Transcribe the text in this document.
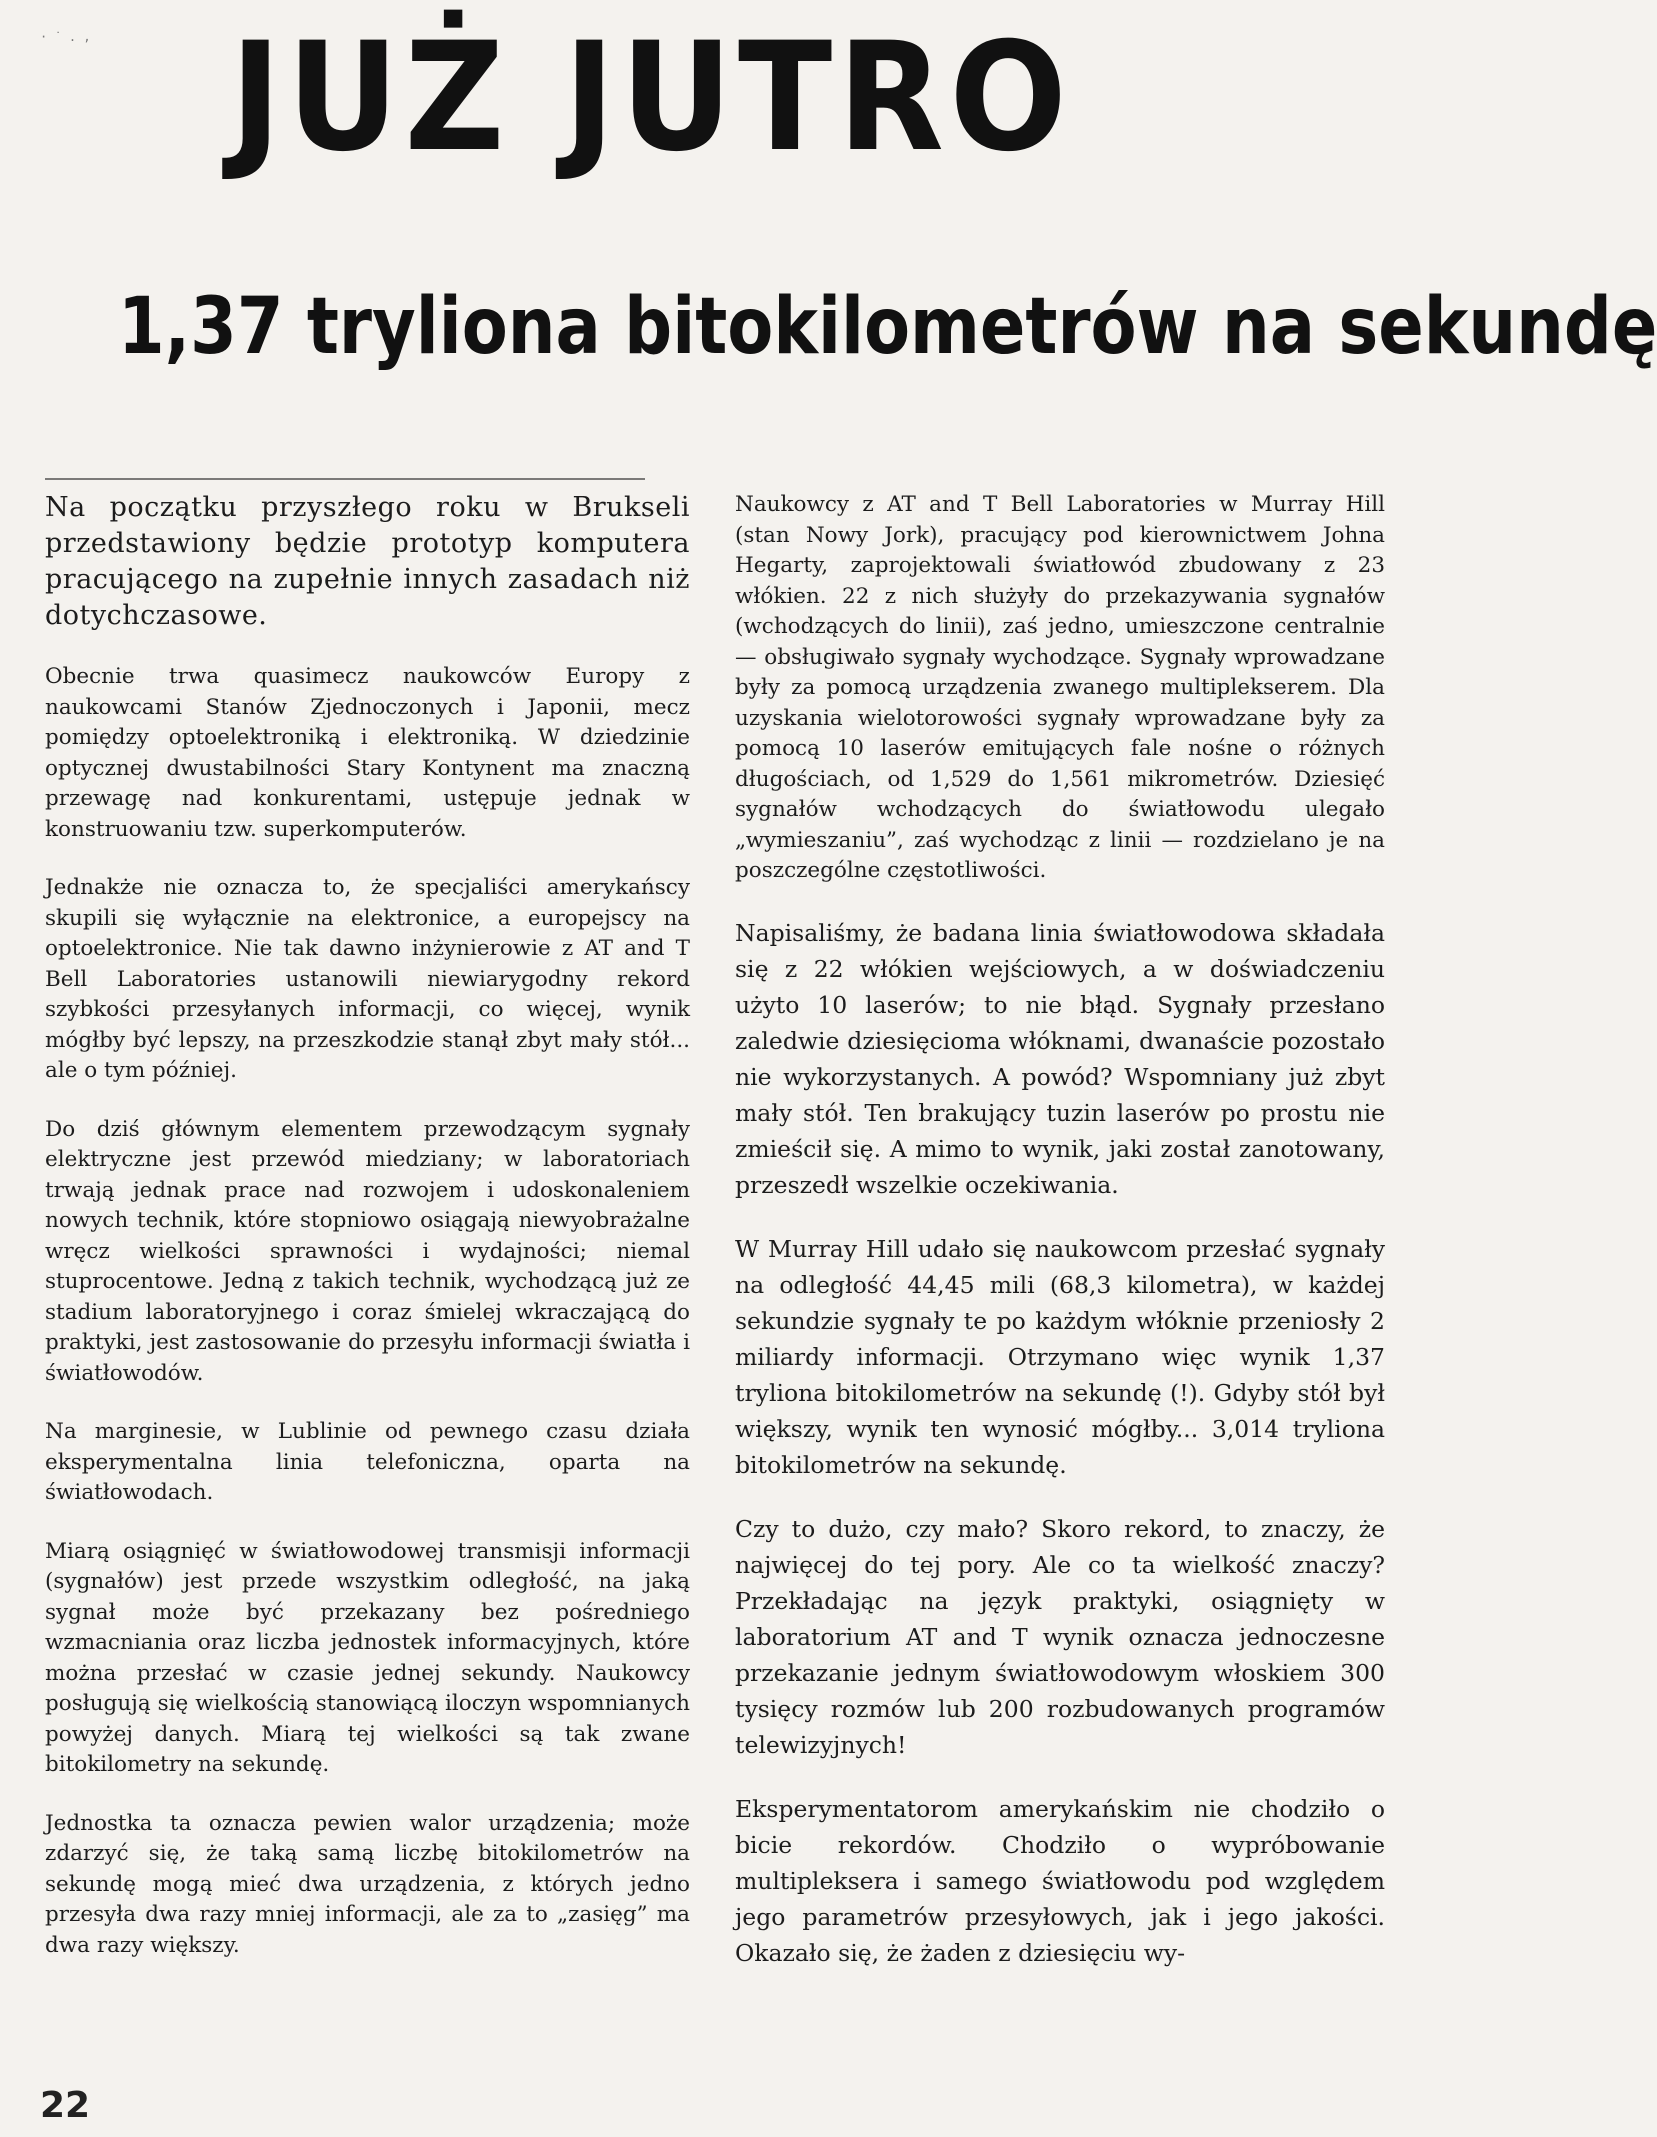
· ˙ . , JUŻ JUTRO
1,37 tryliona bitokilometrów na sekundę

Na początku przyszłego roku w Brukseli przedstawiony będzie prototyp komputera pracującego na zupełnie innych zasadach niż dotychczasowe.

Obecnie trwa quasimecz naukowców Europy z naukowcami Stanów Zjednoczonych i Japonii, mecz pomiędzy optoelektroniką i elektroniką. W dziedzinie optycznej dwustabilności Stary Kontynent ma znaczną przewagę nad konkurentami, ustępuje jednak w konstruowaniu tzw. superkomputerów.

Jednakże nie oznacza to, że specjaliści amerykańscy skupili się wyłącznie na elektronice, a europejscy na optoelektronice. Nie tak dawno inżynierowie z AT and T Bell Laboratories ustanowili niewiarygodny rekord szybkości przesyłanych informacji, co więcej, wynik mógłby być lepszy, na przeszkodzie stanął zbyt mały stół... ale o tym później.

Do dziś głównym elementem przewodzącym sygnały elektryczne jest przewód miedziany; w laboratoriach trwają jednak prace nad rozwojem i udoskonaleniem nowych technik, które stopniowo osiągają niewyobrażalne wręcz wielkości sprawności i wydajności; niemal stuprocentowe. Jedną z takich technik, wychodzącą już ze stadium laboratoryjnego i coraz śmielej wkraczającą do praktyki, jest zastosowanie do przesyłu informacji światła i światłowodów.

Na marginesie, w Lublinie od pewnego czasu działa eksperymentalna linia telefoniczna, oparta na światłowodach.

Miarą osiągnięć w światłowodowej transmisji informacji (sygnałów) jest przede wszystkim odległość, na jaką sygnał może być przekazany bez pośredniego wzmacniania oraz liczba jednostek informacyjnych, które można przesłać w czasie jednej sekundy. Naukowcy posługują się wielkością stanowiącą iloczyn wspomnianych powyżej danych. Miarą tej wielkości są tak zwane bitokilometry na sekundę.

Jednostka ta oznacza pewien walor urządzenia; może zdarzyć się, że taką samą liczbę bitokilometrów na sekundę mogą mieć dwa urządzenia, z których jedno przesyła dwa razy mniej informacji, ale za to „zasięg” ma dwa razy większy.

Naukowcy z AT and T Bell Laboratories w Murray Hill (stan Nowy Jork), pracujący pod kierownictwem Johna Hegarty, zaprojektowali światłowód zbudowany z 23 włókien. 22 z nich służyły do przekazywania sygnałów (wchodzących do linii), zaś jedno, umieszczone centralnie — obsługiwało sygnały wychodzące. Sygnały wprowadzane były za pomocą urządzenia zwanego multiplekserem. Dla uzyskania wielotorowości sygnały wprowadzane były za pomocą 10 laserów emitujących fale nośne o różnych długościach, od 1,529 do 1,561 mikrometrów. Dziesięć sygnałów wchodzących do światłowodu ulegało „wymieszaniu”, zaś wychodząc z linii — rozdzielano je na poszczególne częstotliwości.

Napisaliśmy, że badana linia światłowodowa składała się z 22 włókien wejściowych, a w doświadczeniu użyto 10 laserów; to nie błąd. Sygnały przesłano zaledwie dziesięcioma włóknami, dwanaście pozostało nie wykorzystanych. A powód? Wspomniany już zbyt mały stół. Ten brakujący tuzin laserów po prostu nie zmieścił się. A mimo to wynik, jaki został zanotowany, przeszedł wszelkie oczekiwania.

W Murray Hill udało się naukowcom przesłać sygnały na odległość 44,45 mili (68,3 kilometra), w każdej sekundzie sygnały te po każdym włóknie przeniosły 2 miliardy informacji. Otrzymano więc wynik 1,37 tryliona bitokilometrów na sekundę (!). Gdyby stół był większy, wynik ten wynosić mógłby... 3,014 tryliona bitokilometrów na sekundę.

Czy to dużo, czy mało? Skoro rekord, to znaczy, że najwięcej do tej pory. Ale co ta wielkość znaczy? Przekładając na język praktyki, osiągnięty w laboratorium AT and T wynik oznacza jednoczesne przekazanie jednym światłowodowym włoskiem 300 tysięcy rozmów lub 200 rozbudowanych programów telewizyjnych!

Eksperymentatorom amerykańskim nie chodziło o bicie rekordów. Chodziło o wypróbowanie multipleksera i samego światłowodu pod względem jego parametrów przesyłowych, jak i jego jakości. Okazało się, że żaden z dziesięciu wy-

22
